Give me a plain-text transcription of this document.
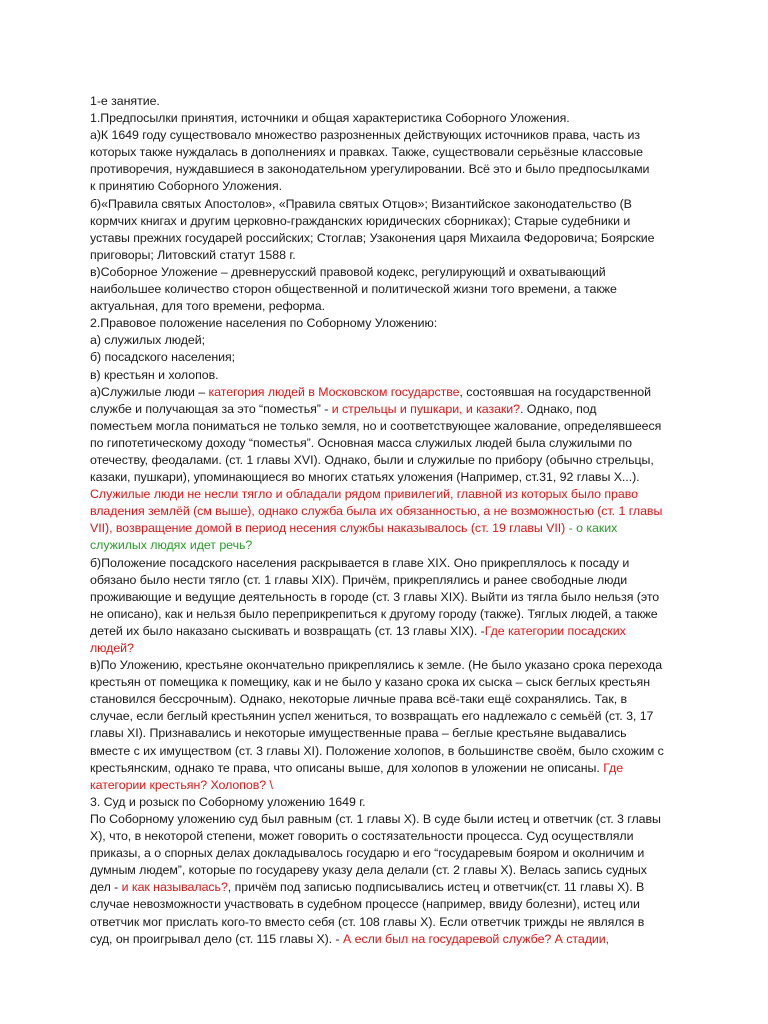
1-е занятие.
1.Предпосылки принятия, источники и общая характеристика Соборного Уложения.
а)К 1649 году существовало множество разрозненных действующих источников права, часть из
которых также нуждалась в дополнениях и правках. Также, существовали серьёзные классовые
противоречия, нуждавшиеся в законодательном урегулировании. Всё это и было предпосылками
к принятию Соборного Уложения.
б)«Правила святых Апостолов», «Правила святых Отцов»; Византийское законодательство (В
кормчих книгах и другим церковно-гражданских юридических сборниках); Старые судебники и
уставы прежних государей российских; Стоглав; Узаконения царя Михаила Федоровича; Боярские
приговоры; Литовский статут 1588 г.
в)Соборное Уложение – древнерусский правовой кодекс, регулирующий и охватывающий
наибольшее количество сторон общественной и политической жизни того времени, а также
актуальная, для того времени, реформа.
2.Правовое положение населения по Соборному Уложению:
а) служилых людей;
б) посадского населения;
в) крестьян и холопов.
а)Служилые люди – категория людей в Московском государстве, состоявшая на государственной
службе и получающая за это “поместья” - и стрельцы и пушкари, и казаки?. Однако, под
поместьем могла пониматься не только земля, но и соответствующее жалование, определявшееся
по гипотетическому доходу “поместья”. Основная масса служилых людей была служилыми по
отечеству, феодалами. (ст. 1 главы XVI). Однако, были и служилые по прибору (обычно стрельцы,
казаки, пушкари), упоминающиеся во многих статьях уложения (Например, ст.31, 92 главы X...).
Служилые люди не несли тягло и обладали рядом привилегий, главной из которых было право
владения землёй (см выше), однако служба была их обязанностью, а не возможностью (ст. 1 главы
VII), возвращение домой в период несения службы наказывалось (ст. 19 главы VII) - о каких
служилых людях идет речь?
б)Положение посадского населения раскрывается в главе XIX. Оно прикреплялось к посаду и
обязано было нести тягло (ст. 1 главы XIX). Причём, прикреплялись и ранее свободные люди
проживающие и ведущие деятельность в городе (ст. 3 главы XIX). Выйти из тягла было нельзя (это
не описано), как и нельзя было переприкрепиться к другому городу (также). Тяглых людей, а также
детей их было наказано сыскивать и возвращать (ст. 13 главы XIX). -Где категории посадских
людей?
в)По Уложению, крестьяне окончательно прикреплялись к земле. (Не было указано срока перехода
крестьян от помещика к помещику, как и не было у казано срока их сыска – сыск беглых крестьян
становился бессрочным). Однако, некоторые личные права всё-таки ещё сохранялись. Так, в
случае, если беглый крестьянин успел жениться, то возвращать его надлежало с семьёй (ст. 3, 17
главы XI). Признавались и некоторые имущественные права – беглые крестьяне выдавались
вместе с их имуществом (ст. 3 главы XI). Положение холопов, в большинстве своём, было схожим с
крестьянским, однако те права, что описаны выше, для холопов в уложении не описаны. Где
категории крестьян? Холопов? \
3. Суд и розыск по Соборному уложению 1649 г.
По Соборному уложению суд был равным (ст. 1 главы X). В суде были истец и ответчик (ст. 3 главы
X), что, в некоторой степени, может говорить о состязательности процесса. Суд осуществляли
приказы, а о спорных делах докладывалось государю и его “государевым бояром и околничим и
думным людем”, которые по государеву указу дела делали (ст. 2 главы X). Велась запись судных
дел - и как называлась?, причём под записью подписывались истец и ответчик(ст. 11 главы X). В
случае невозможности участвовать в судебном процессе (например, ввиду болезни), истец или
ответчик мог прислать кого-то вместо себя (ст. 108 главы X). Если ответчик трижды не являлся в
суд, он проигрывал дело (ст. 115 главы X). - А если был на государевой службе? А стадии,
